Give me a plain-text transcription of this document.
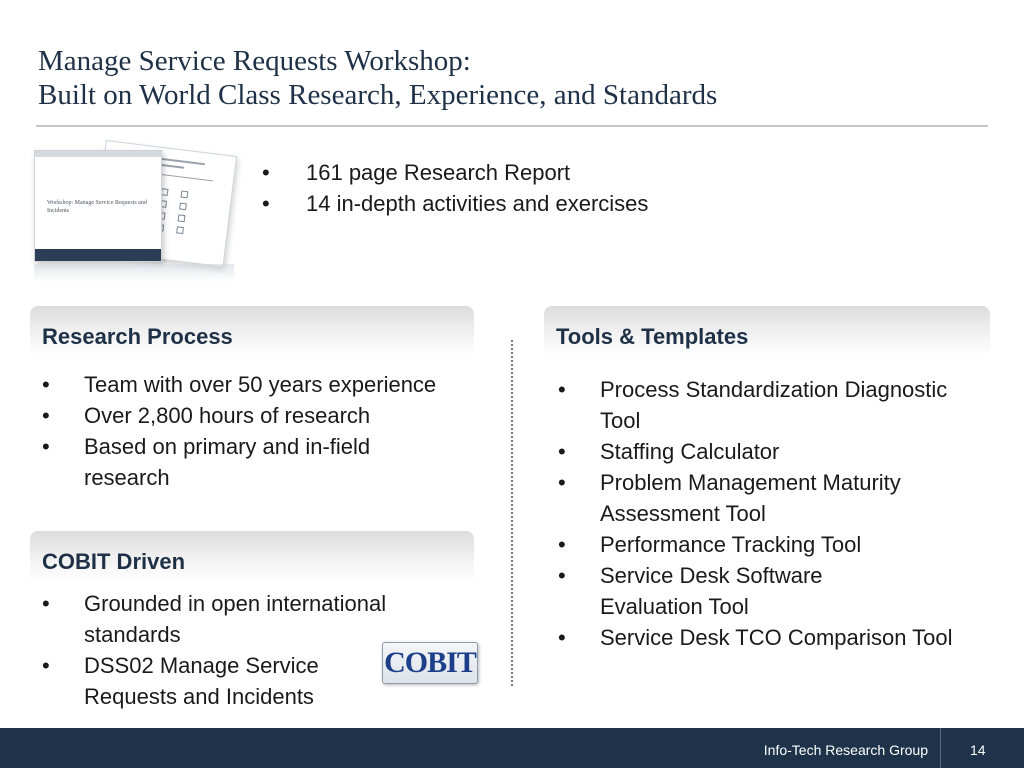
Manage Service Requests Workshop:
Built on World Class Research, Experience, and Standards
Workshop: Manage Service Requests and Incidents
• 161 page Research Report
• 14 in-depth activities and exercises
Research Process
• Team with over 50 years experience
• Over 2,800 hours of research
• Based on primary and in-field research
COBIT Driven
• Grounded in open international standards
• DSS02 Manage Service Requests and Incidents
COBIT
Tools & Templates
• Process Standardization Diagnostic Tool
• Staffing Calculator
• Problem Management Maturity Assessment Tool
• Performance Tracking Tool
• Service Desk Software Evaluation Tool
• Service Desk TCO Comparison Tool
Info-Tech Research Group	14
